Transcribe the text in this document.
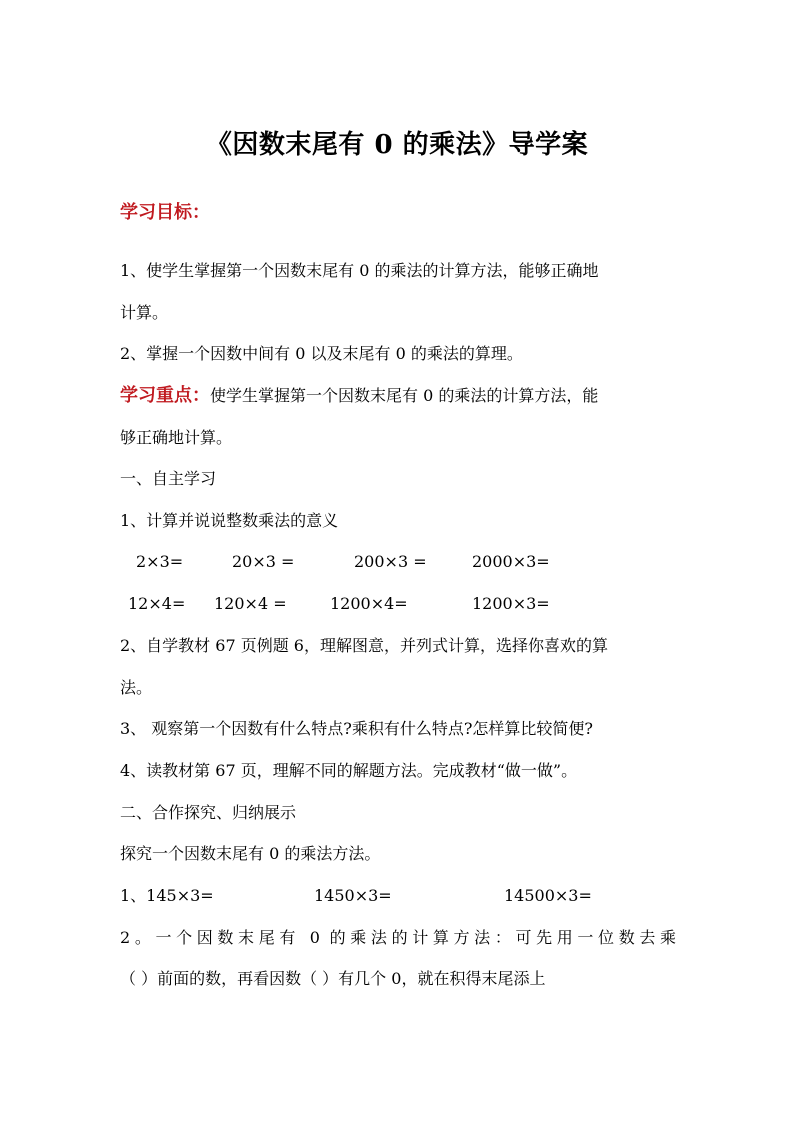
《因数末尾有 0 的乘法》导学案
学习目标：
1、使学生掌握第一个因数末尾有 0 的乘法的计算方法，能够正确地
计算。
2、掌握一个因数中间有 0 以及末尾有 0 的乘法的算理。
学习重点：使学生掌握第一个因数末尾有 0 的乘法的计算方法，能
够正确地计算。
一、自主学习
1、计算并说说整数乘法的意义
2×3=	20×3 =	200×3 =	2000×3=
12×4= 120×4 =	1200×4=	1200×3=
2、自学教材 67 页例题 6，理解图意，并列式计算，选择你喜欢的算
法。
3、 观察第一个因数有什么特点?乘积有什么特点?怎样算比较简便?
4、读教材第 67 页，理解不同的解题方法。完成教材“做一做”。
二、合作探究、归纳展示
探究一个因数末尾有 0 的乘法方法。
1、145×3=	1450×3=	14500×3=
2。一个因数末尾有 0 的乘法的计算方法：可先用一位数去乘
（ ）前面的数，再看因数（ ）有几个 0，就在积得末尾添上
